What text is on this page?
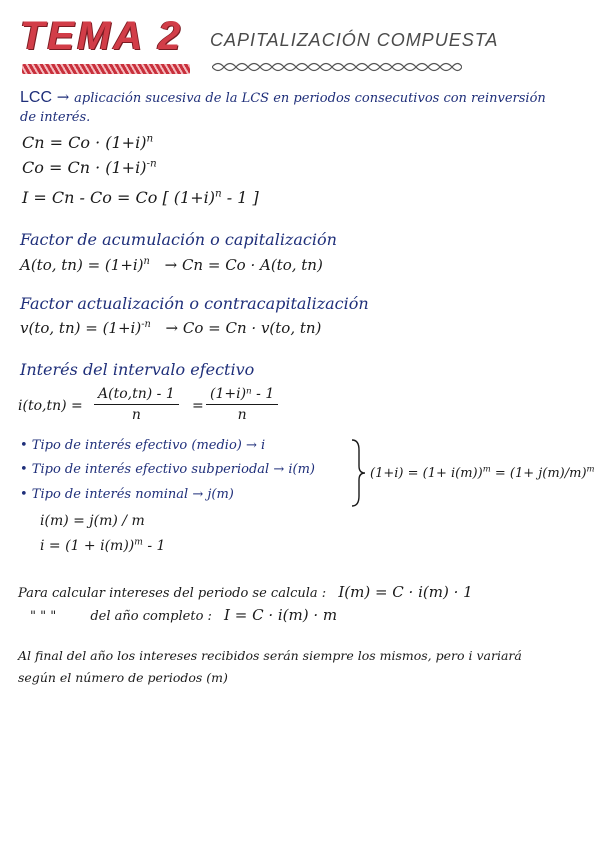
TEMA 2 CAPITALIZACIÓN COMPUESTA
LCC → aplicación sucesiva de la LCS en periodos consecutivos con reinversión
de interés.
$Cn = Co \cdot (1+i)^n$
$Co = Cn \cdot (1+i)^{-n}$
I = Cn - Co = Co [ $(1+i)^n - 1$ ]
Factor de acumulación o capitalización
A(to, $tn) = (1+i)^n \to Cn = Co \cdot A(to$, tn)
Factor actualización o contracapitalización
v(to, $tn) = (1+i)^{-n} \to Co = Cn \cdot v(to$, tn)
Interés del intervalo efectivo
$i(to,tn) = \frac{A(to,tn) - 1}{n} = \frac{\text{(1+i)ⁿ - 1}}{n}$
• Tipo de interés efectivo (medio) → i
• Tipo de interés efectivo subperiodal → i(m)
• Tipo de interés nominal → j(m)
$(1+i) = (1+ i(m))^m = (1+ j(m)/m)^m$
i(m) = j(m) / m
$i = (1 + i(m))^m - 1$
Para calcular intereses del periodo se calcula : I(m) = C · i(m) · 1
" " "	del año completo : I = C · i(m) · m
Al final del año los intereses recibidos serán siempre los mismos, pero i variará
según el número de periodos (m)
